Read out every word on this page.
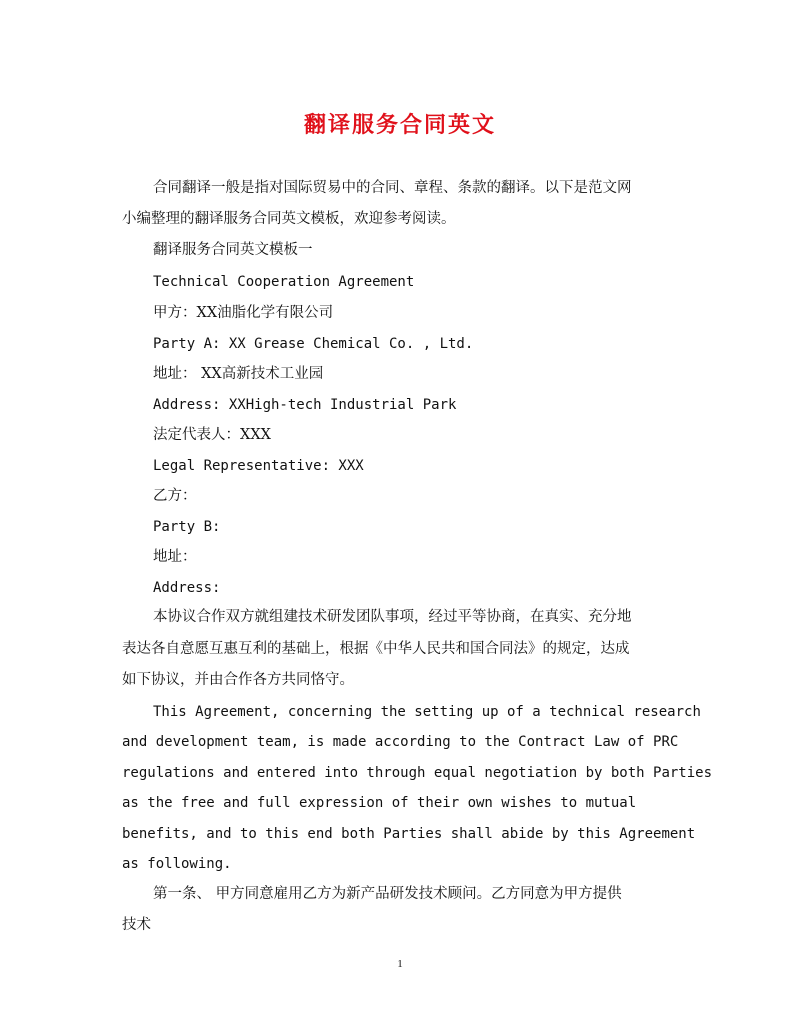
翻译服务合同英文
合同翻译一般是指对国际贸易中的合同、章程、条款的翻译。以下是范文网
小编整理的翻译服务合同英文模板，欢迎参考阅读。
翻译服务合同英文模板一
Technical Cooperation Agreement
甲方：XX油脂化学有限公司
Party A: XX Grease Chemical Co. , Ltd.
地址： XX高新技术工业园
Address: XXHigh-tech Industrial Park
法定代表人：XXX
Legal Representative: XXX
乙方：
Party B:
地址：
Address:
本协议合作双方就组建技术研发团队事项，经过平等协商，在真实、充分地
表达各自意愿互惠互利的基础上，根据《中华人民共和国合同法》的规定，达成
如下协议，并由合作各方共同恪守。
This Agreement, concerning the setting up of a technical research
and development team, is made according to the Contract Law of PRC
regulations and entered into through equal negotiation by both Parties
as the free and full expression of their own wishes to mutual
benefits, and to this end both Parties shall abide by this Agreement
as following.
第一条、 甲方同意雇用乙方为新产品研发技术顾问。乙方同意为甲方提供
技术
1
